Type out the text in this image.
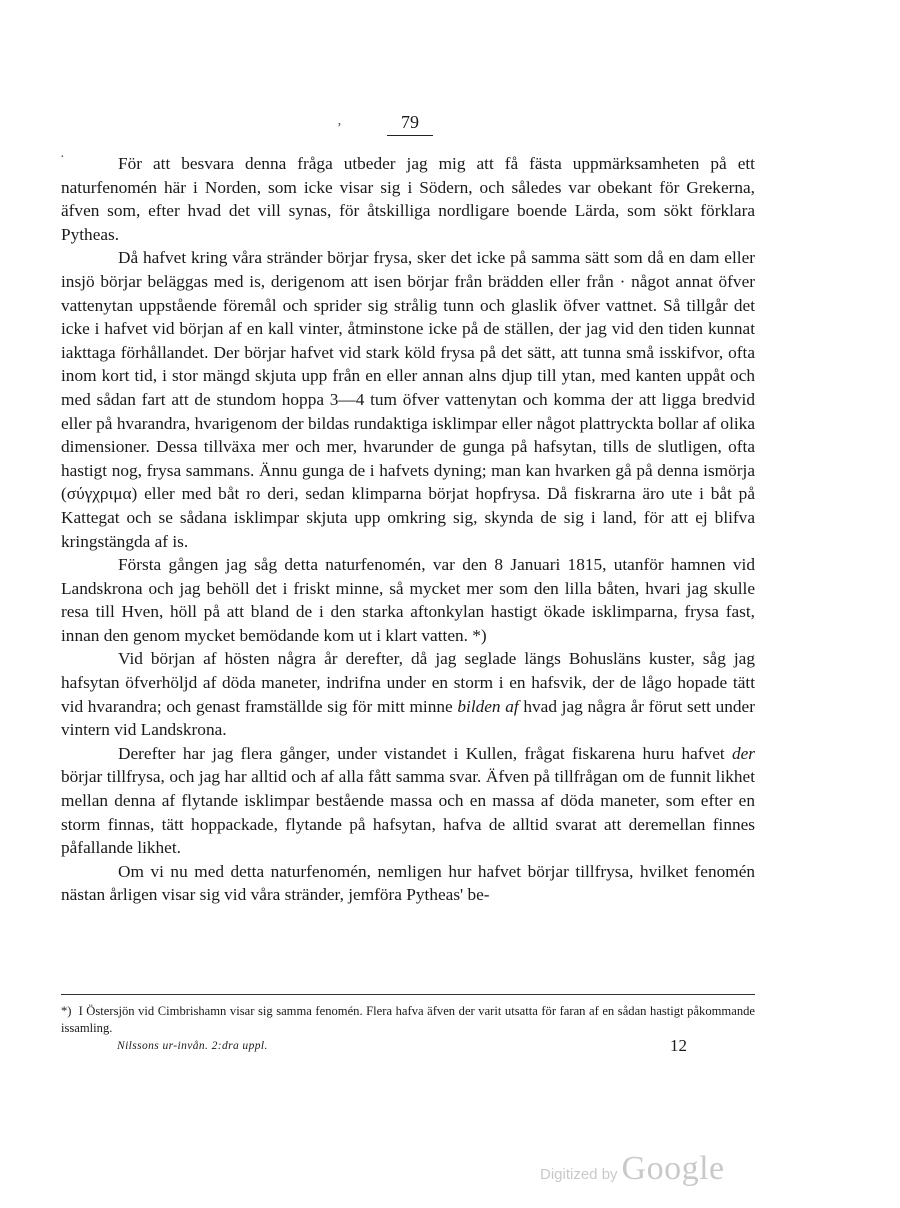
79
ʼ
·	För att besvara denna fråga utbeder jag mig att få fästa uppmärksamheten på ett naturfenomén här i Norden, som icke visar sig i Södern, och således var obekant för Grekerna, äfven som, efter hvad det vill synas, för åtskilliga nordligare boende Lärda, som sökt förklara Pytheas.

Då hafvet kring våra stränder börjar frysa, sker det icke på samma sätt som då en dam eller insjö börjar beläggas med is, derigenom att isen börjar från brädden eller från · något annat öfver vattenytan uppstående föremål och sprider sig strålig tunn och glaslik öfver vattnet. Så tillgår det icke i hafvet vid början af en kall vinter, åtminstone icke på de ställen, der jag vid den tiden kunnat iakttaga förhållandet. Der börjar hafvet vid stark köld frysa på det sätt, att tunna små isskifvor, ofta inom kort tid, i stor mängd skjuta upp från en eller annan alns djup till ytan, med kanten uppåt och med sådan fart att de stundom hoppa 3—4 tum öfver vattenytan och komma der att ligga bredvid eller på hvarandra, hvarigenom der bildas rundaktiga isklimpar eller något plattryckta bollar af olika dimensioner. Dessa tillväxa mer och mer, hvarunder de gunga på hafsytan, tills de slutligen, ofta hastigt nog, frysa sammans. Ännu gunga de i hafvets dyning; man kan hvarken gå på denna ismörja (σύγχριμα) eller med båt ro deri, sedan klimparna börjat hopfrysa. Då fiskrarna äro ute i båt på Kattegat och se sådana isklimpar skjuta upp omkring sig, skynda de sig i land, för att ej blifva kringstängda af is.

Första gången jag såg detta naturfenomén, var den 8 Januari 1815, utanför hamnen vid Landskrona och jag behöll det i friskt minne, så mycket mer som den lilla båten, hvari jag skulle resa till Hven, höll på att bland de i den starka aftonkylan hastigt ökade isklimparna, frysa fast, innan den genom mycket bemödande kom ut i klart vatten. *)

Vid början af hösten några år derefter, då jag seglade längs Bohusläns kuster, såg jag hafsytan öfverhöljd af döda maneter, indrifna under en storm i en hafsvik, der de lågo hopade tätt vid hvarandra; och genast framställde sig för mitt minne bilden af hvad jag några år förut sett under vintern vid Landskrona.

Derefter har jag flera gånger, under vistandet i Kullen, frågat fiskarena huru hafvet der börjar tillfrysa, och jag har alltid och af alla fått samma svar. Äfven på tillfrågan om de funnit likhet mellan denna af flytande isklimpar bestående massa och en massa af döda maneter, som efter en storm finnas, tätt hoppackade, flytande på hafsytan, hafva de alltid svarat att deremellan finnes påfallande likhet.

Om vi nu med detta naturfenomén, nemligen hur hafvet börjar tillfrysa, hvilket fenomén nästan årligen visar sig vid våra stränder, jemföra Pytheas' be-

*) I Östersjön vid Cimbrishamn visar sig samma fenomén. Flera hafva äfven der varit utsatta för faran af en sådan hastigt påkommande issamling.

Nilssons ur-invån. 2:dra uppl.	12
Digitized by Google
